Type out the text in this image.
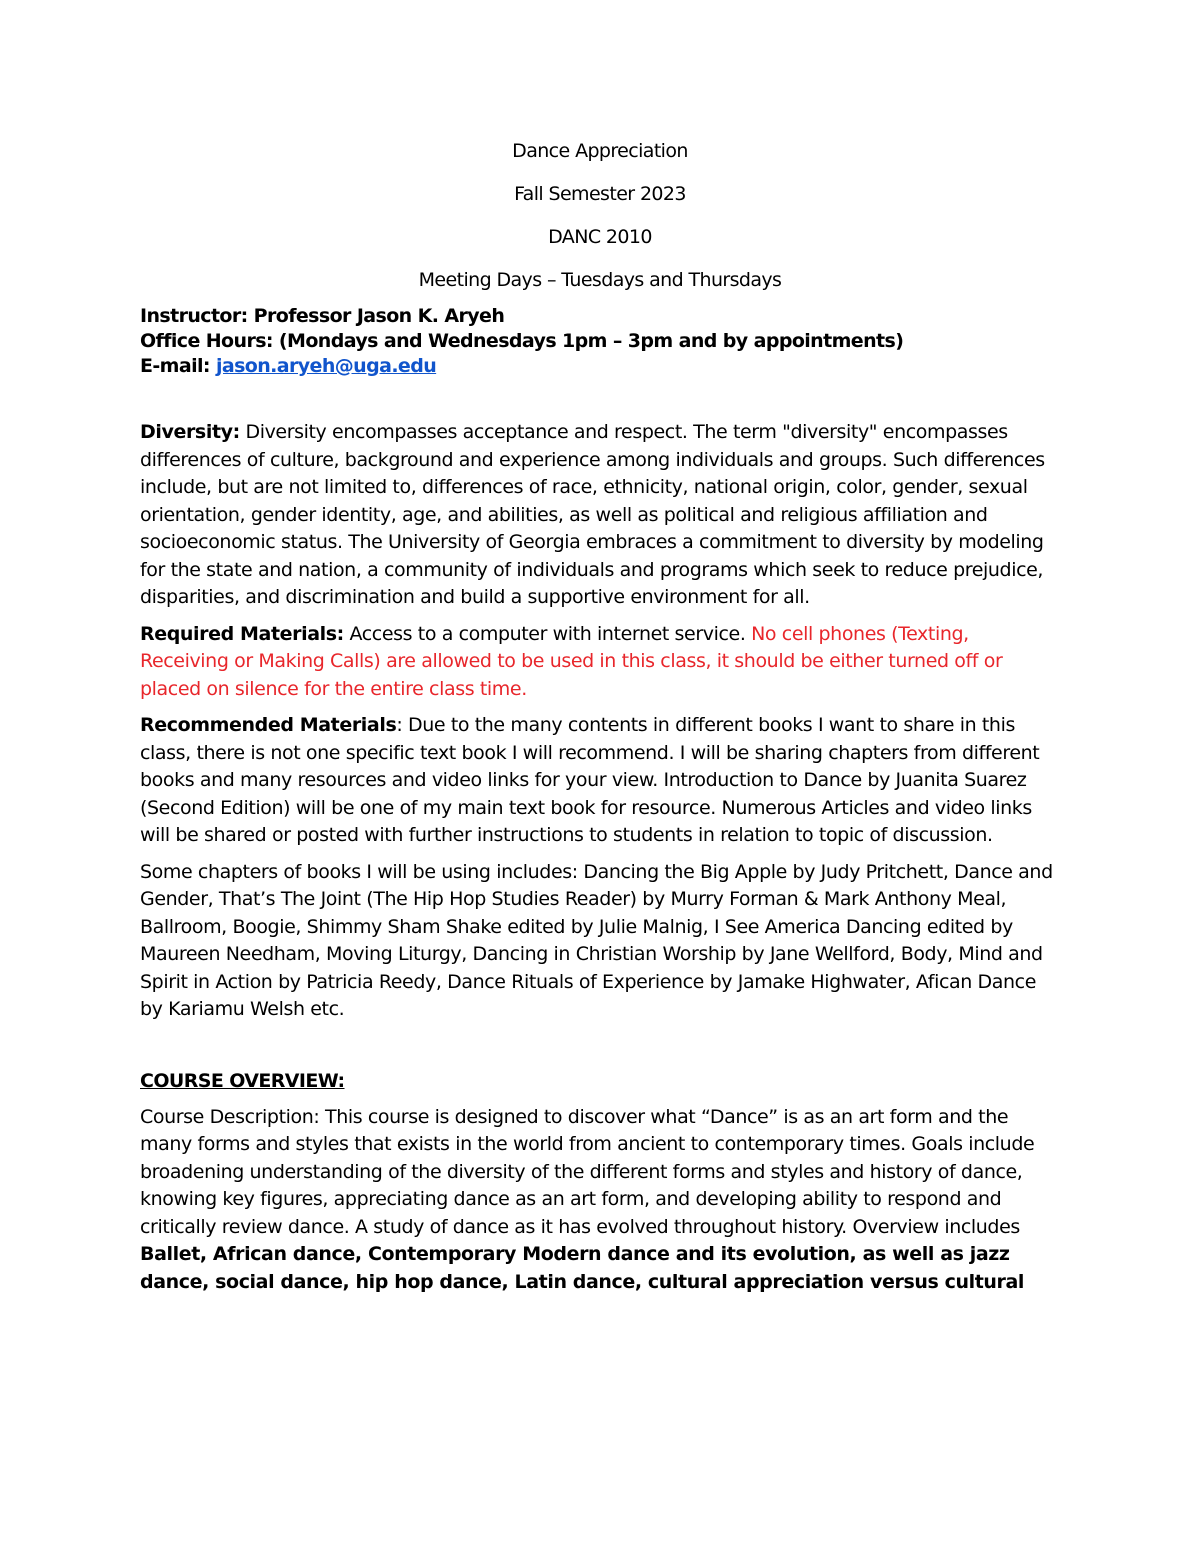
Dance Appreciation

Fall Semester 2023

DANC 2010

Meeting Days – Tuesdays and Thursdays

Instructor: Professor Jason K. Aryeh

Office Hours: (Mondays and Wednesdays 1pm – 3pm and by appointments)

E-mail: jason.aryeh@uga.edu

Diversity: Diversity encompasses acceptance and respect. The term "diversity" encompasses differences of culture, background and experience among individuals and groups. Such differences include, but are not limited to, differences of race, ethnicity, national origin, color, gender, sexual orientation, gender identity, age, and abilities, as well as political and religious affiliation and socioeconomic status. The University of Georgia embraces a commitment to diversity by modeling for the state and nation, a community of individuals and programs which seek to reduce prejudice, disparities, and discrimination and build a supportive environment for all.

Required Materials: Access to a computer with internet service. No cell phones (Texting, Receiving or Making Calls) are allowed to be used in this class, it should be either turned off or placed on silence for the entire class time.

Recommended Materials: Due to the many contents in different books I want to share in this class, there is not one specific text book I will recommend. I will be sharing chapters from different books and many resources and video links for your view. Introduction to Dance by Juanita Suarez (Second Edition) will be one of my main text book for resource. Numerous Articles and video links will be shared or posted with further instructions to students in relation to topic of discussion.

Some chapters of books I will be using includes: Dancing the Big Apple by Judy Pritchett, Dance and Gender, That’s The Joint (The Hip Hop Studies Reader) by Murry Forman & Mark Anthony Meal, Ballroom, Boogie, Shimmy Sham Shake edited by Julie Malnig, I See America Dancing edited by Maureen Needham, Moving Liturgy, Dancing in Christian Worship by Jane Wellford, Body, Mind and Spirit in Action by Patricia Reedy, Dance Rituals of Experience by Jamake Highwater, Afican Dance by Kariamu Welsh etc.

COURSE OVERVIEW:

Course Description: This course is designed to discover what “Dance” is as an art form and the many forms and styles that exists in the world from ancient to contemporary times. Goals include broadening understanding of the diversity of the different forms and styles and history of dance, knowing key figures, appreciating dance as an art form, and developing ability to respond and critically review dance. A study of dance as it has evolved throughout history. Overview includes Ballet, African dance, Contemporary Modern dance and its evolution, as well as jazz dance, social dance, hip hop dance, Latin dance, cultural appreciation versus cultural
